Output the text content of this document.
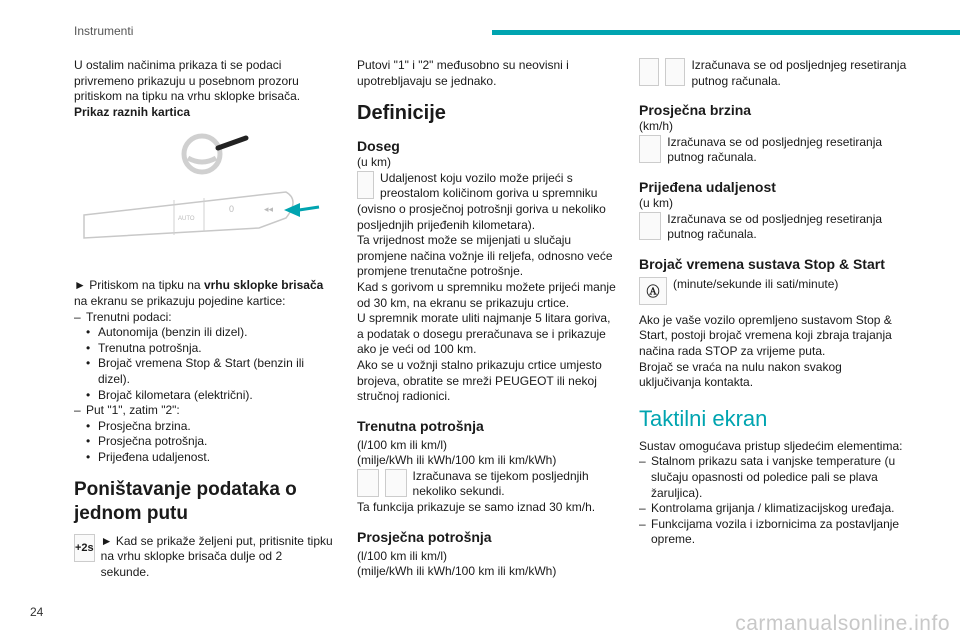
Instrumenti

U ostalim načinima prikaza ti se podaci privremeno prikazuju u posebnom prozoru pritiskom na tipku na vrhu sklopke brisača.

Prikaz raznih kartica

AUTO
0	◂◂

► Pritiskom na tipku na vrhu sklopke brisača na ekranu se prikazuju pojedine kartice:

– Trenutni podaci:
• Autonomija (benzin ili dizel).
• Trenutna potrošnja.
• Brojač vremena Stop & Start (benzin ili dizel).
• Brojač kilometara (električni).
– Put "1", zatim "2":
• Prosječna brzina.
• Prosječna potrošnja.
• Prijeđena udaljenost.
Poništavanje podataka o jednom putu
+2s ► Kad se prikaže željeni put, pritisnite tipku na vrhu sklopke brisača dulje od 2 sekunde.

Putovi "1" i "2" međusobno su neovisni i upotrebljavaju se jednako.

Definicije
Doseg

(u km)

Udaljenost koju vozilo može prijeći s preostalom količinom goriva u spremniku

(ovisno o prosječnoj potrošnji goriva u nekoliko posljednjih prijeđenih kilometara).
Ta vrijednost može se mijenjati u slučaju promjene načina vožnje ili reljefa, odnosno veće promjene trenutačne potrošnje.
Kad s gorivom u spremniku možete prijeći manje od 30 km, na ekranu se prikazuju crtice.
U spremnik morate uliti najmanje 5 litara goriva, a podatak o dosegu preračunava se i prikazuje ako je veći od 100 km.
Ako se u vožnji stalno prikazuju crtice umjesto brojeva, obratite se mreži PEUGEOT ili nekoj stručnoj radionici.

Trenutna potrošnja

(l/100 km ili km/l)

(milje/kWh ili kWh/100 km ili km/kWh)

Izračunava se tijekom posljednjih nekoliko sekundi.

Ta funkcija prikazuje se samo iznad 30 km/h.

Prosječna potrošnja

(l/100 km ili km/l)

(milje/kWh ili kWh/100 km ili km/kWh)

Izračunava se od posljednjeg resetiranja putnog računala.

Prosječna brzina

(km/h)

Izračunava se od posljednjeg resetiranja putnog računala.

Prijeđena udaljenost

(u km)

Izračunava se od posljednjeg resetiranja putnog računala.

Brojač vremena sustava Stop & Start
Ⓐ

(minute/sekunde ili sati/minute)

Ako je vaše vozilo opremljeno sustavom Stop & Start, postoji brojač vremena koji zbraja trajanja načina rada STOP za vrijeme puta.
Brojač se vraća na nulu nakon svakog uključivanja kontakta.

Taktilni ekran

Sustav omogućava pristup sljedećim elementima:

– Stalnom prikazu sata i vanjske temperature (u slučaju opasnosti od poledice pali se plava žaruljica).
– Kontrolama grijanja / klimatizacijskog uređaja.
– Funkcijama vozila i izbornicima za postavljanje opreme.
24	carmanualsonline.info
